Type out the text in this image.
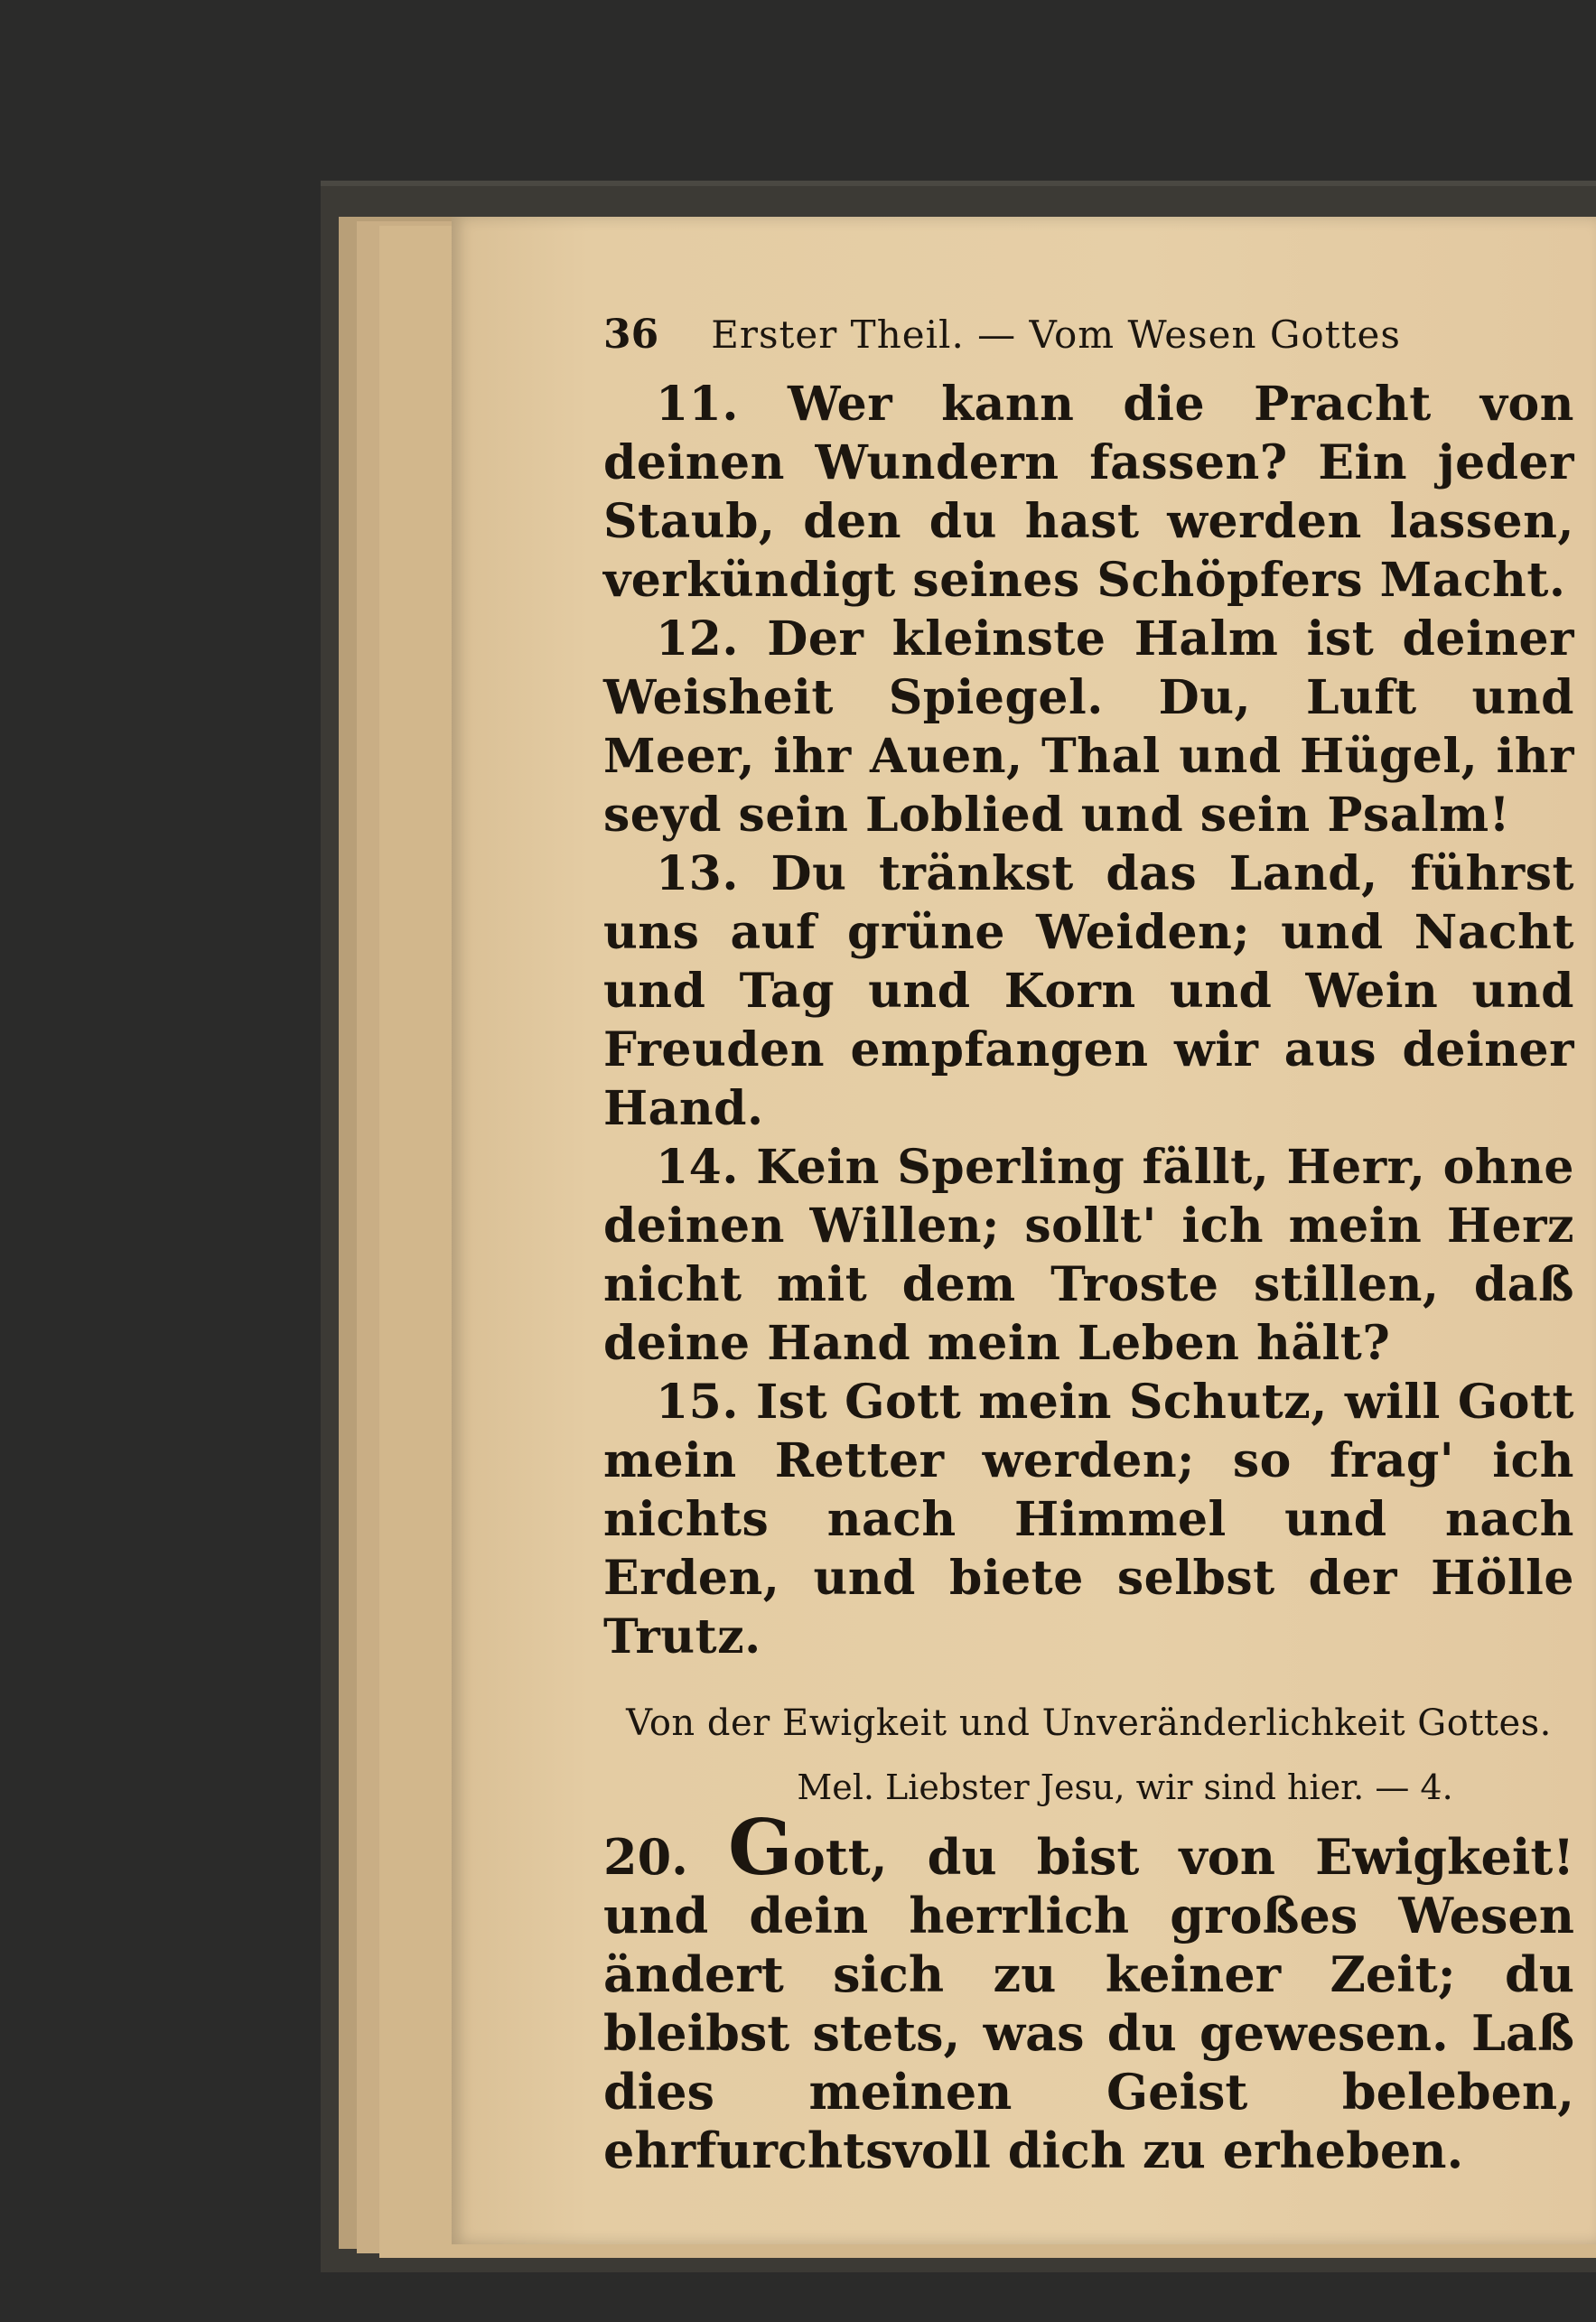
36 Erster Theil. — Vom Wesen Gottes

11. Wer kann die Pracht von deinen Wundern fassen? Ein jeder Staub, den du hast werden lassen, verkündigt seines Schöpfers Macht.

12. Der kleinste Halm ist deiner Weisheit Spiegel. Du, Luft und Meer, ihr Auen, Thal und Hügel, ihr seyd sein Loblied und sein Psalm!

13. Du tränkst das Land, führst uns auf grüne Weiden; und Nacht und Tag und Korn und Wein und Freuden empfangen wir aus deiner Hand.

14. Kein Sperling fällt, Herr, ohne deinen Willen; sollt' ich mein Herz nicht mit dem Troste stillen, daß deine Hand mein Leben hält?

15. Ist Gott mein Schutz, will Gott mein Retter werden; so frag' ich nichts nach Himmel und nach Erden, und biete selbst der Hölle Trutz.

Von der Ewigkeit und Unveränderlichkeit Gottes.
Mel. Liebster Jesu, wir sind hier. — 4.

20. Gott, du bist von Ewigkeit! und dein herrlich großes Wesen ändert sich zu keiner Zeit; du bleibst stets, was du gewesen. Laß dies meinen Geist beleben, ehrfurchtsvoll dich zu erheben.
